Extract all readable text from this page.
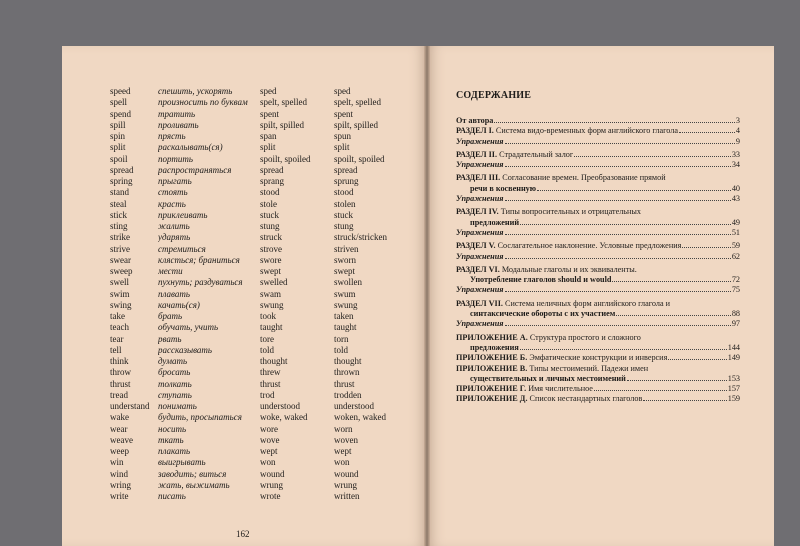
speed	спешить, ускорять	sped	sped
spell	произносить по буквам	spelt, spelled	spelt, spelled
spend	тратить	spent	spent
spill	проливать	spilt, spilled	spilt, spilled
spin	прясть	span	spun
split	раскалывать(ся)	split	split
spoil	портить	spoilt, spoiled	spoilt, spoiled
spread	распространяться	spread	spread
spring	прыгать	sprang	sprung
stand	стоять	stood	stood
steal	красть	stole	stolen
stick	приклеивать	stuck	stuck
sting	жалить	stung	stung
strike	ударять	struck	struck/stricken
strive	стремиться	strove	striven
swear	клясться; браниться	swore	sworn
sweep	мести	swept	swept
swell	пухнуть; раздуваться	swelled	swollen
swim	плавать	swam	swum
swing	качать(ся)	swung	swung
take	брать	took	taken
teach	обучать, учить	taught	taught
tear	рвать	tore	torn
tell	рассказывать	told	told
think	думать	thought	thought
throw	бросать	threw	thrown
thrust	толкать	thrust	thrust
tread	ступать	trod	trodden
understand понимать	understood	understood
wake	будить, просыпаться	woke, waked	woken, waked
wear	носить	wore	worn
weave	ткать	wove	woven
weep	плакать	wept	wept
win	выигрывать	won	won
wind	заводить; виться	wound	wound
wring	жать, выжимать	wrung	wrung
write	писать	wrote	written
162
СОДЕРЖАНИЕ
От автора	3
РАЗДЕЛ I. Система видо-временных форм английского глагола	4
Упражнения	9
РАЗДЕЛ II. Страдательный залог	33
Упражнения	34
РАЗДЕЛ III. Согласование времен. Преобразование прямой
речи в косвенную	40
Упражнения	43
РАЗДЕЛ IV. Типы вопросительных и отрицательных
предложений	49
Упражнения	51
РАЗДЕЛ V. Сослагательное наклонение. Условные предложения	59
Упражнения	62
РАЗДЕЛ VI. Модальные глаголы и их эквиваленты.
Употребление глаголов should и would	72
Упражнения	75
РАЗДЕЛ VII. Система неличных форм английского глагола и
синтаксические обороты с их участием	88
Упражнения	97
ПРИЛОЖЕНИЕ А. Структура простого и сложного
предложения	144
ПРИЛОЖЕНИЕ Б. Эмфатические конструкции и инверсия	149
ПРИЛОЖЕНИЕ В. Типы местоимений. Падежи имен
существительных и личных местоимений	153
ПРИЛОЖЕНИЕ Г. Имя числительное	157
ПРИЛОЖЕНИЕ Д. Список нестандартных глаголов	159
